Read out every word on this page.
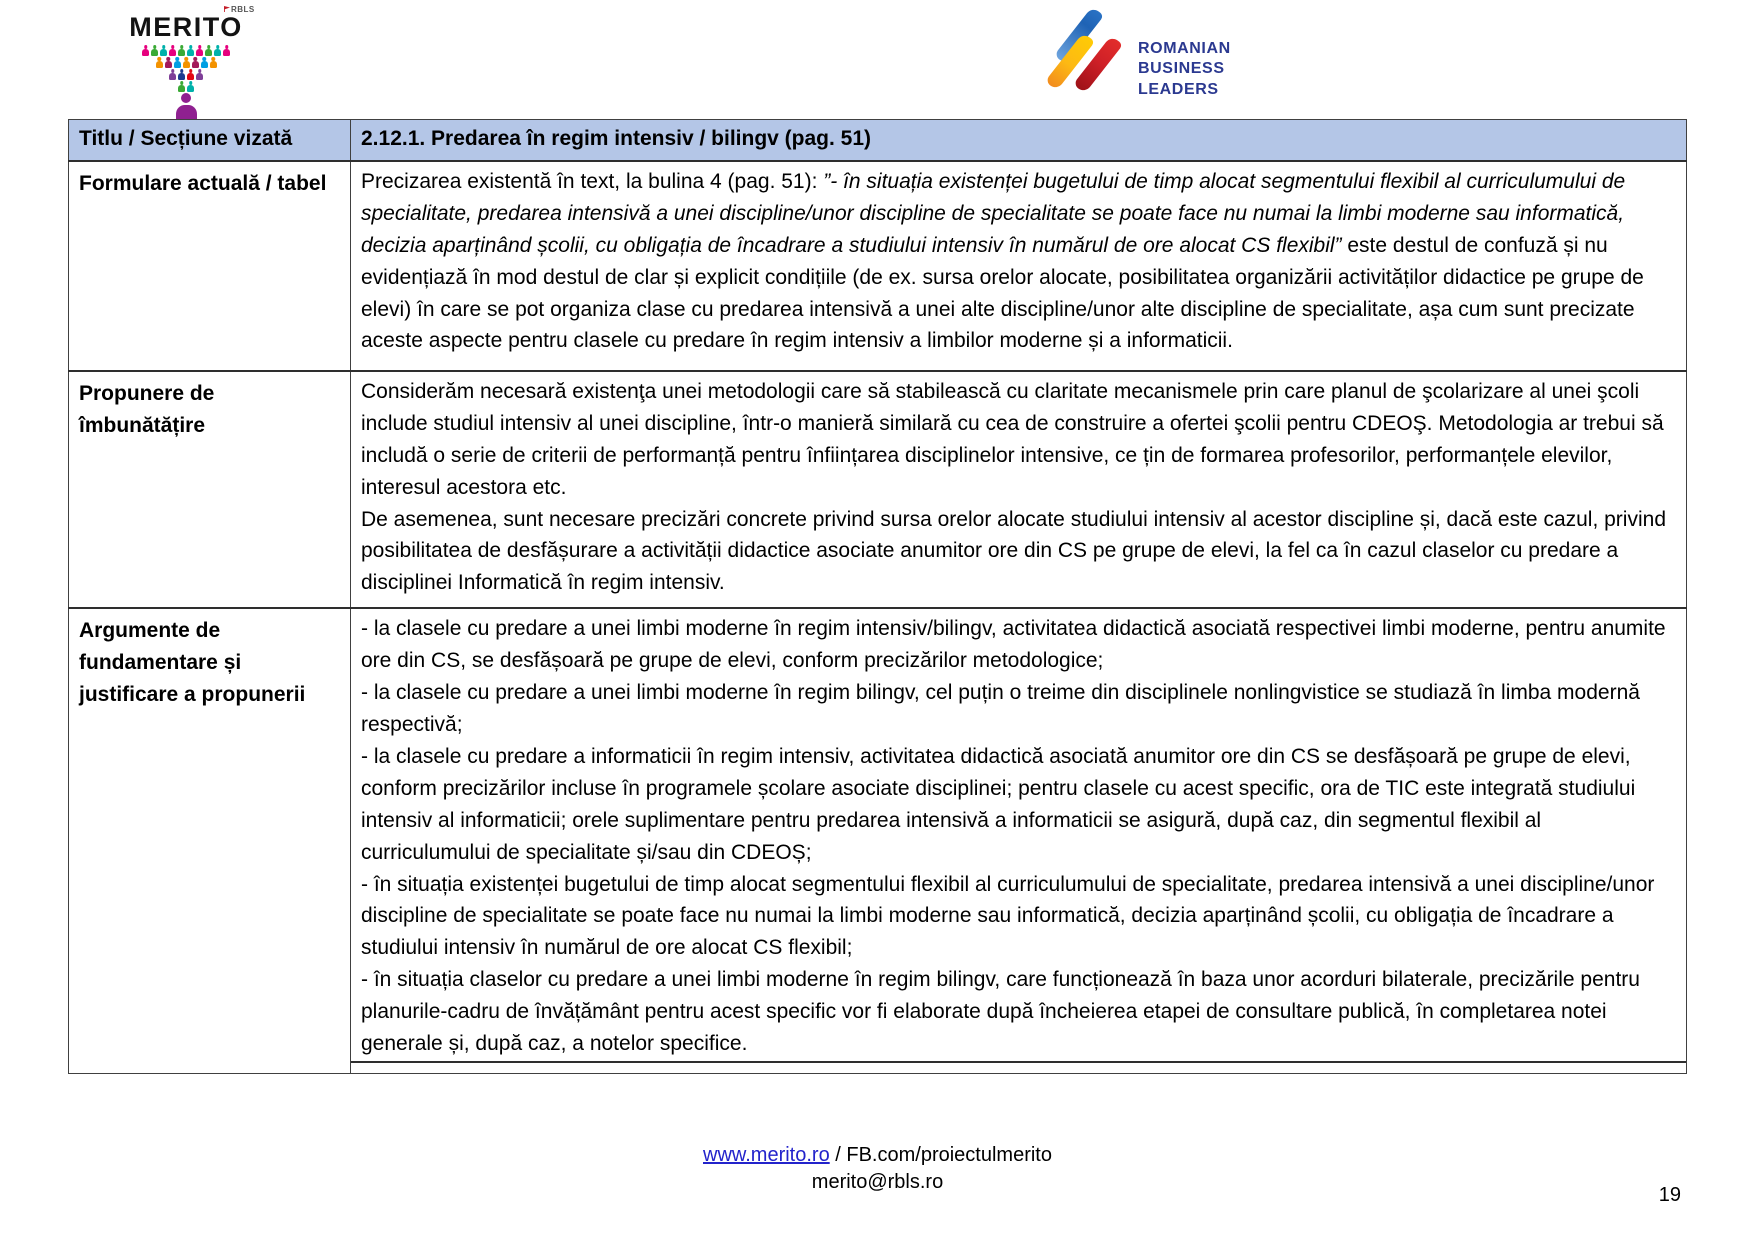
MERITO
RBLS
ROMANIAN
BUSINESS
LEADERS
Titlu / Secțiune vizată	2.12.1. Predarea în regim intensiv / bilingv (pag. 51)
Formulare actuală / tabel	Precizarea existentă în text, la bulina 4 (pag. 51): ”- în situația existenței bugetului de timp alocat segmentului flexibil al curriculumului de specialitate, predarea intensivă a unei discipline/unor discipline de specialitate se poate face nu numai la limbi moderne sau informatică, decizia aparținând școlii, cu obligația de încadrare a studiului intensiv în numărul de ore alocat CS flexibil” este destul de confuză și nu evidențiază în mod destul de clar și explicit condițiile (de ex. sursa orelor alocate, posibilitatea organizării activităților didactice pe grupe de elevi) în care se pot organiza clase cu predarea intensivă a unei alte discipline/unor alte discipline de specialitate, așa cum sunt precizate aceste aspecte pentru clasele cu predare în regim intensiv a limbilor moderne și a informaticii.

Propunere de îmbunătățire	Considerăm necesară existenţa unei metodologii care să stabilească cu claritate mecanismele prin care planul de şcolarizare al unei şcoli include studiul intensiv al unei discipline, într-o manieră similară cu cea de construire a ofertei şcolii pentru CDEOŞ. Metodologia ar trebui să includă o serie de criterii de performanță pentru înființarea disciplinelor intensive, ce țin de formarea profesorilor, performanțele elevilor, interesul acestora etc.

De asemenea, sunt necesare precizări concrete privind sursa orelor alocate studiului intensiv al acestor discipline și, dacă este cazul, privind posibilitatea de desfășurare a activității didactice asociate anumitor ore din CS pe grupe de elevi, la fel ca în cazul claselor cu predare a disciplinei Informatică în regim intensiv.

Argumente de fundamentare și justificare a propunerii	- la clasele cu predare a unei limbi moderne în regim intensiv/bilingv, activitatea didactică asociată respectivei limbi moderne, pentru anumite ore din CS, se desfășoară pe grupe de elevi, conform precizărilor metodologice;

- la clasele cu predare a unei limbi moderne în regim bilingv, cel puțin o treime din disciplinele nonlingvistice se studiază în limba modernă respectivă;

- la clasele cu predare a informaticii în regim intensiv, activitatea didactică asociată anumitor ore din CS se desfășoară pe grupe de elevi, conform precizărilor incluse în programele școlare asociate disciplinei; pentru clasele cu acest specific, ora de TIC este integrată studiului intensiv al informaticii; orele suplimentare pentru predarea intensivă a informaticii se asigură, după caz, din segmentul flexibil al curriculumului de specialitate și/sau din CDEOȘ;

- în situația existenței bugetului de timp alocat segmentului flexibil al curriculumului de specialitate, predarea intensivă a unei discipline/unor discipline de specialitate se poate face nu numai la limbi moderne sau informatică, decizia aparținând școlii, cu obligația de încadrare a studiului intensiv în numărul de ore alocat CS flexibil;

- în situația claselor cu predare a unei limbi moderne în regim bilingv, care funcționează în baza unor acorduri bilaterale, precizările pentru planurile-cadru de învățământ pentru acest specific vor fi elaborate după încheierea etapei de consultare publică, în completarea notei generale și, după caz, a notelor specifice.

www.merito.ro / FB.com/proiectulmerito
merito@rbls.ro
19
